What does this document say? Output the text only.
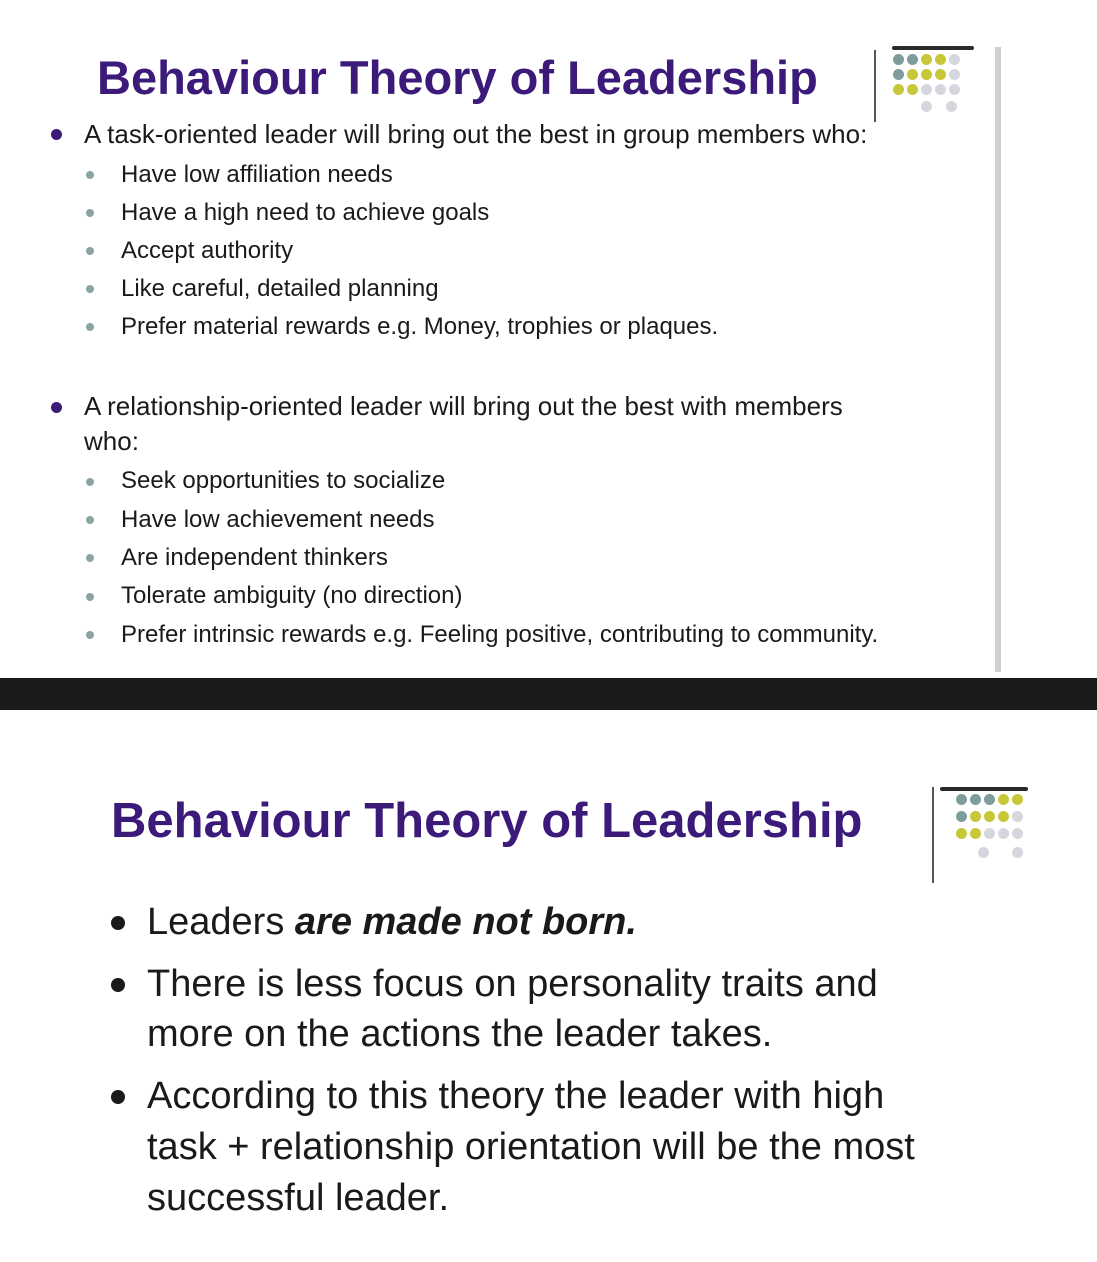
Behaviour Theory of Leadership

A task-oriented leader will bring out the best in group members who:

Have low affiliation needs

Have a high need to achieve goals

Accept authority

Like careful, detailed planning

Prefer material rewards e.g. Money, trophies or plaques.

A relationship-oriented leader will bring out the best with members

who:

Seek opportunities to socialize

Have low achievement needs

Are independent thinkers

Tolerate ambiguity (no direction)

Prefer intrinsic rewards e.g. Feeling positive, contributing to community.

Behaviour Theory of Leadership

Leaders are made not born.

There is less focus on personality traits and

more on the actions the leader takes.

According to this theory the leader with high

task + relationship orientation will be the most

successful leader.
